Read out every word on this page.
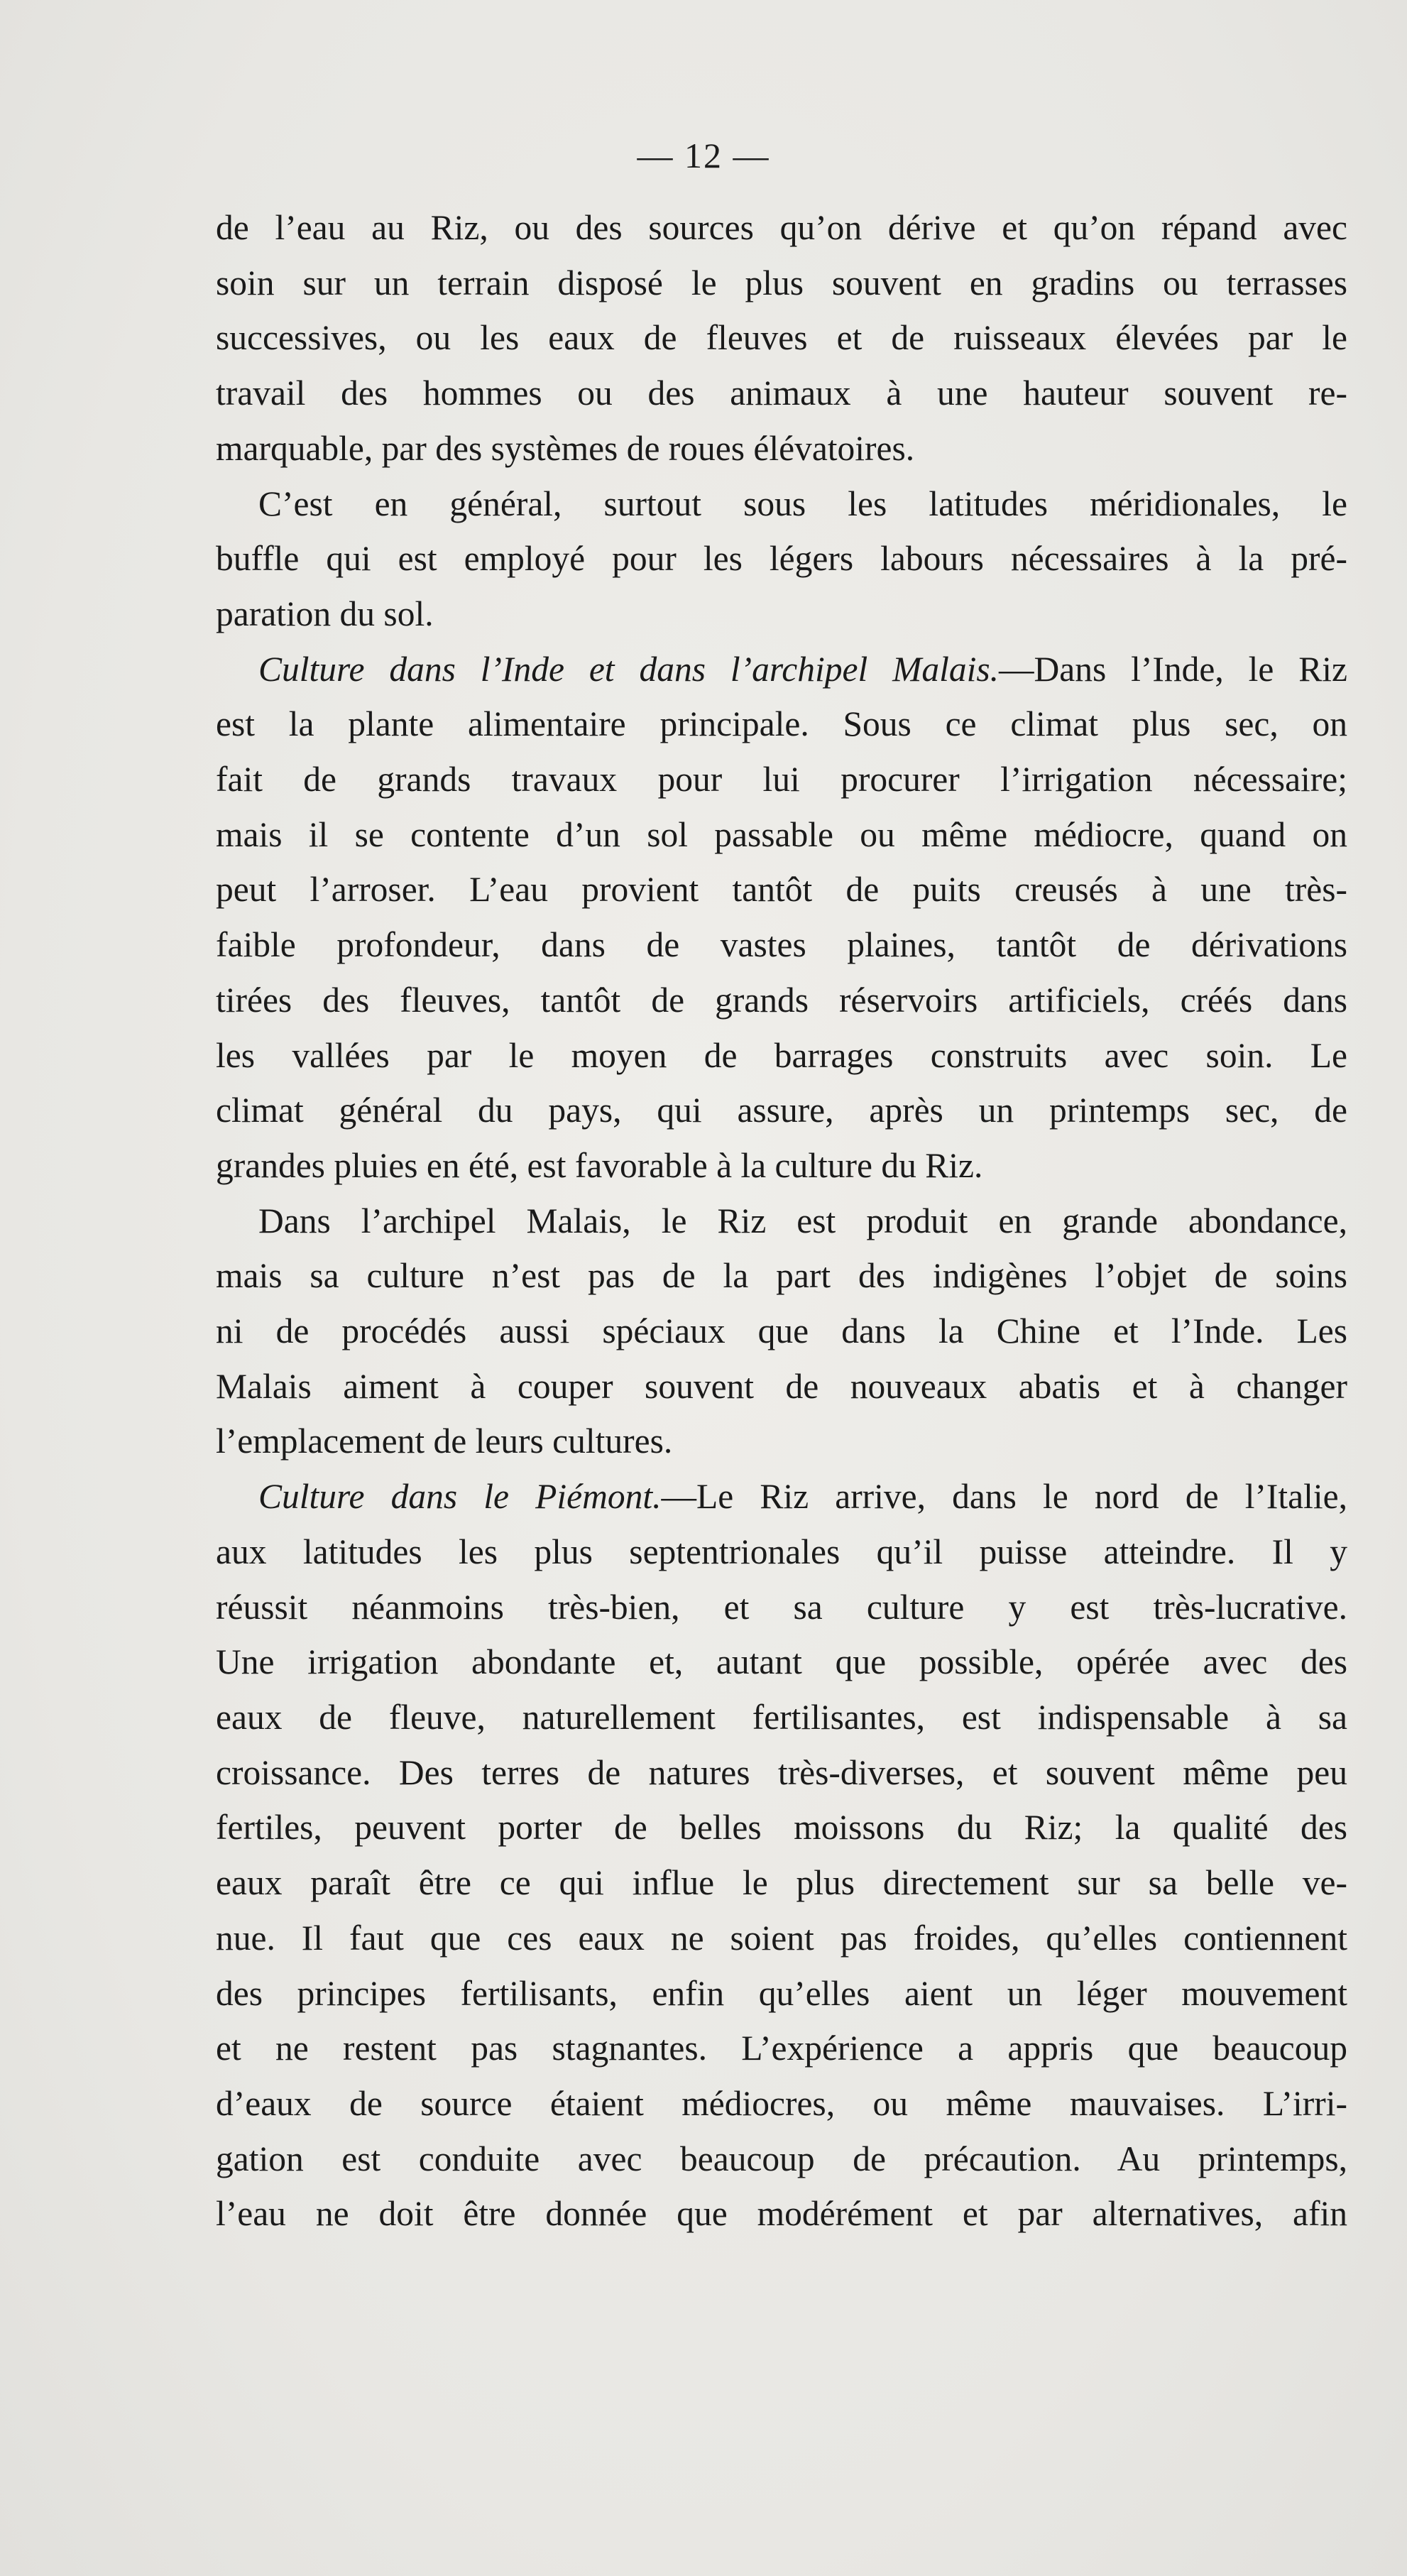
— 12 —
de l’eau au Riz, ou des sources qu’on dérive et qu’on répand avec
soin sur un terrain disposé le plus souvent en gradins ou terrasses
successives, ou les eaux de fleuves et de ruisseaux élevées par le
travail des hommes ou des animaux à une hauteur souvent re-
marquable, par des systèmes de roues élévatoires.
C’est en général, surtout sous les latitudes méridionales, le
buffle qui est employé pour les légers labours nécessaires à la pré-
paration du sol.
Culture dans l’Inde et dans l’archipel Malais.—Dans l’Inde, le Riz
est la plante alimentaire principale. Sous ce climat plus sec, on
fait de grands travaux pour lui procurer l’irrigation nécessaire;
mais il se contente d’un sol passable ou même médiocre, quand on
peut l’arroser. L’eau provient tantôt de puits creusés à une très-
faible profondeur, dans de vastes plaines, tantôt de dérivations
tirées des fleuves, tantôt de grands réservoirs artificiels, créés dans
les vallées par le moyen de barrages construits avec soin. Le
climat général du pays, qui assure, après un printemps sec, de
grandes pluies en été, est favorable à la culture du Riz.
Dans l’archipel Malais, le Riz est produit en grande abondance,
mais sa culture n’est pas de la part des indigènes l’objet de soins
ni de procédés aussi spéciaux que dans la Chine et l’Inde. Les
Malais aiment à couper souvent de nouveaux abatis et à changer
l’emplacement de leurs cultures.
Culture dans le Piémont.—Le Riz arrive, dans le nord de l’Italie,
aux latitudes les plus septentrionales qu’il puisse atteindre. Il y
réussit néanmoins très-bien, et sa culture y est très-lucrative.
Une irrigation abondante et, autant que possible, opérée avec des
eaux de fleuve, naturellement fertilisantes, est indispensable à sa
croissance. Des terres de natures très-diverses, et souvent même peu
fertiles, peuvent porter de belles moissons du Riz; la qualité des
eaux paraît être ce qui influe le plus directement sur sa belle ve-
nue. Il faut que ces eaux ne soient pas froides, qu’elles contiennent
des principes fertilisants, enfin qu’elles aient un léger mouvement
et ne restent pas stagnantes. L’expérience a appris que beaucoup
d’eaux de source étaient médiocres, ou même mauvaises. L’irri-
gation est conduite avec beaucoup de précaution. Au printemps,
l’eau ne doit être donnée que modérément et par alternatives, afin
